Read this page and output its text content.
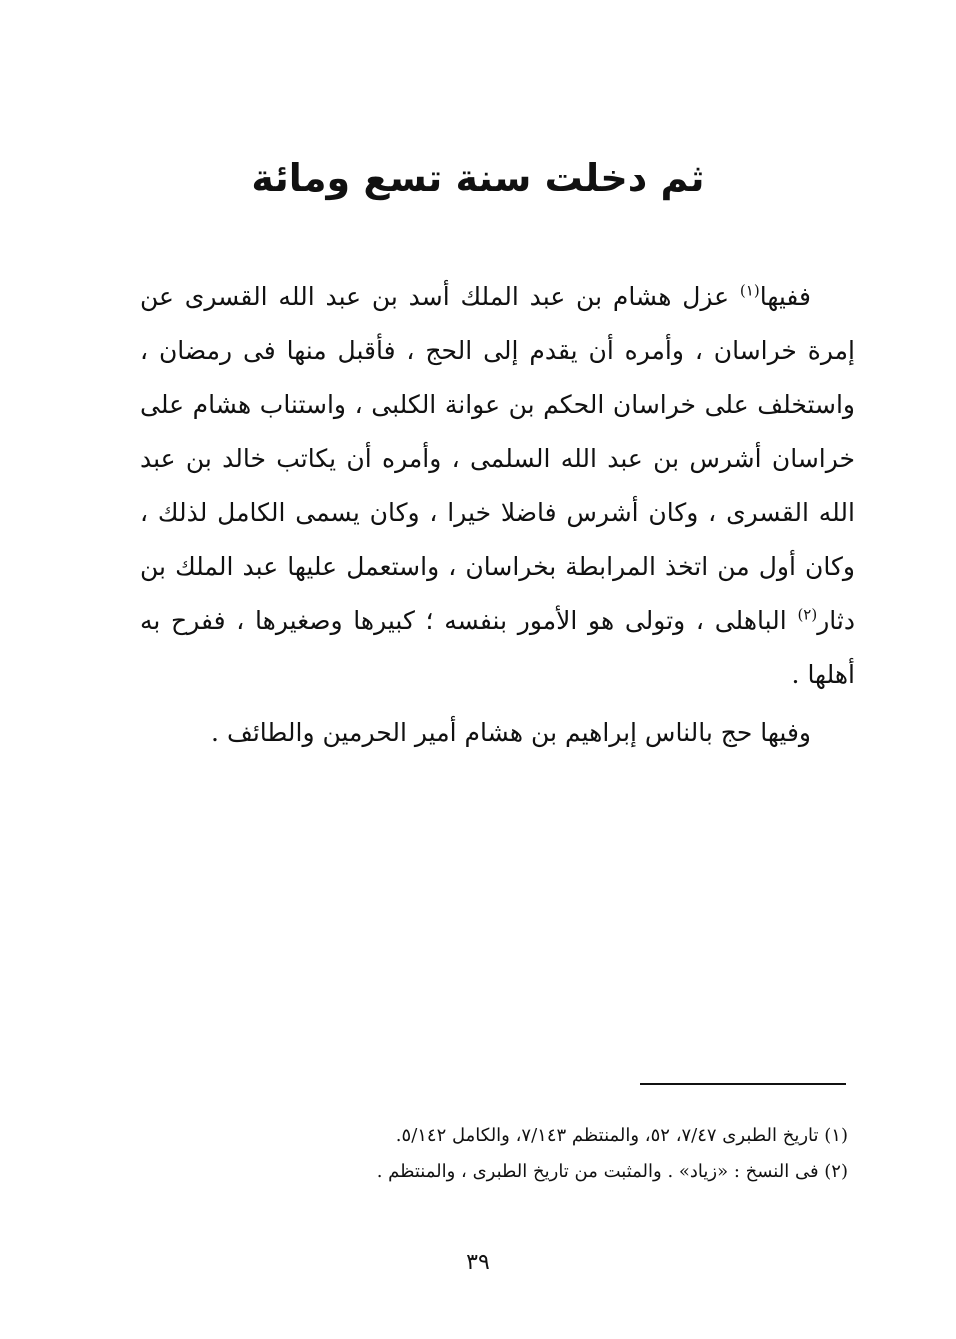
ثم دخلت سنة تسع ومائة

ففيها$^{(١)}$ عزل هشام بن عبد الملك أسد بن عبد الله القسرى عن إمرة خراسان ، وأمره أن يقدم إلى الحج ، فأقبل منها فى رمضان ، واستخلف على خراسان الحكم بن عوانة الكلبى ، واستناب هشام على خراسان أشرس بن عبد الله السلمى ، وأمره أن يكاتب خالد بن عبد الله القسرى ، وكان أشرس فاضلا خيرا ، وكان يسمى الكامل لذلك ، وكان أول من اتخذ المرابطة بخراسان ، واستعمل عليها عبد الملك بن دثار$^{(٢)}$ الباهلى ، وتولى هو الأمور بنفسه ؛ كبيرها وصغيرها ، ففرح به أهلها .

وفيها حج بالناس إبراهيم بن هشام أمير الحرمين والطائف .

(١) تاريخ الطبرى ٧/٤٧، ٥٢، والمنتظم ٧/١٤٣، والكامل ٥/١٤٢.
(٢) فى النسخ : «زياد» . والمثبت من تاريخ الطبرى ، والمنتظم .
٣٩
